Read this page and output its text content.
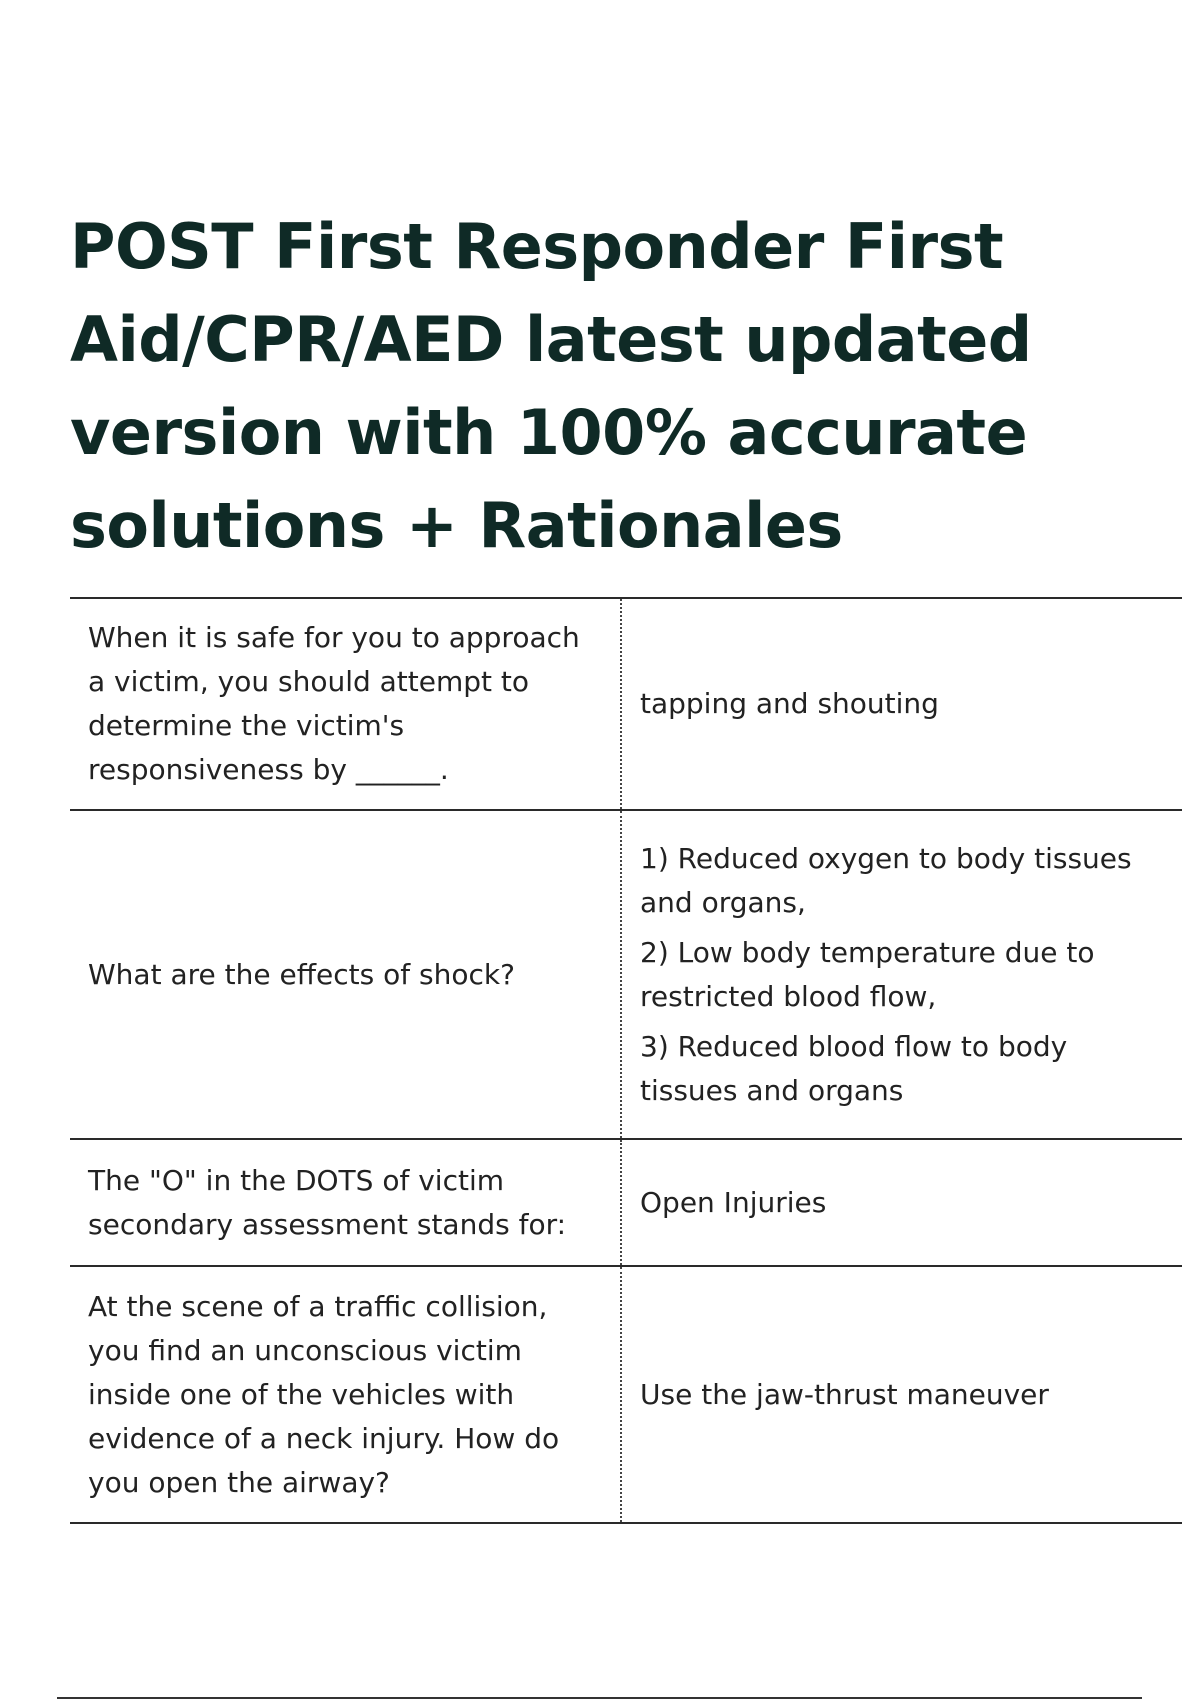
POST First Responder First Aid/CPR/AED latest updated version with 100% accurate solutions + Rationales
When it is safe for you to approach a victim, you should attempt to determine the victim's responsiveness by ______.	tapping and shouting
What are the effects of shock?	1) Reduced oxygen to body tissues and organs,
2) Low body temperature due to restricted blood flow,
3) Reduced blood flow to body tissues and organs

The "O" in the DOTS of victim secondary assessment stands for:	Open Injuries
At the scene of a traffic collision, you find an unconscious victim inside one of the vehicles with evidence of a neck injury. How do you open the airway?	Use the jaw-thrust maneuver
